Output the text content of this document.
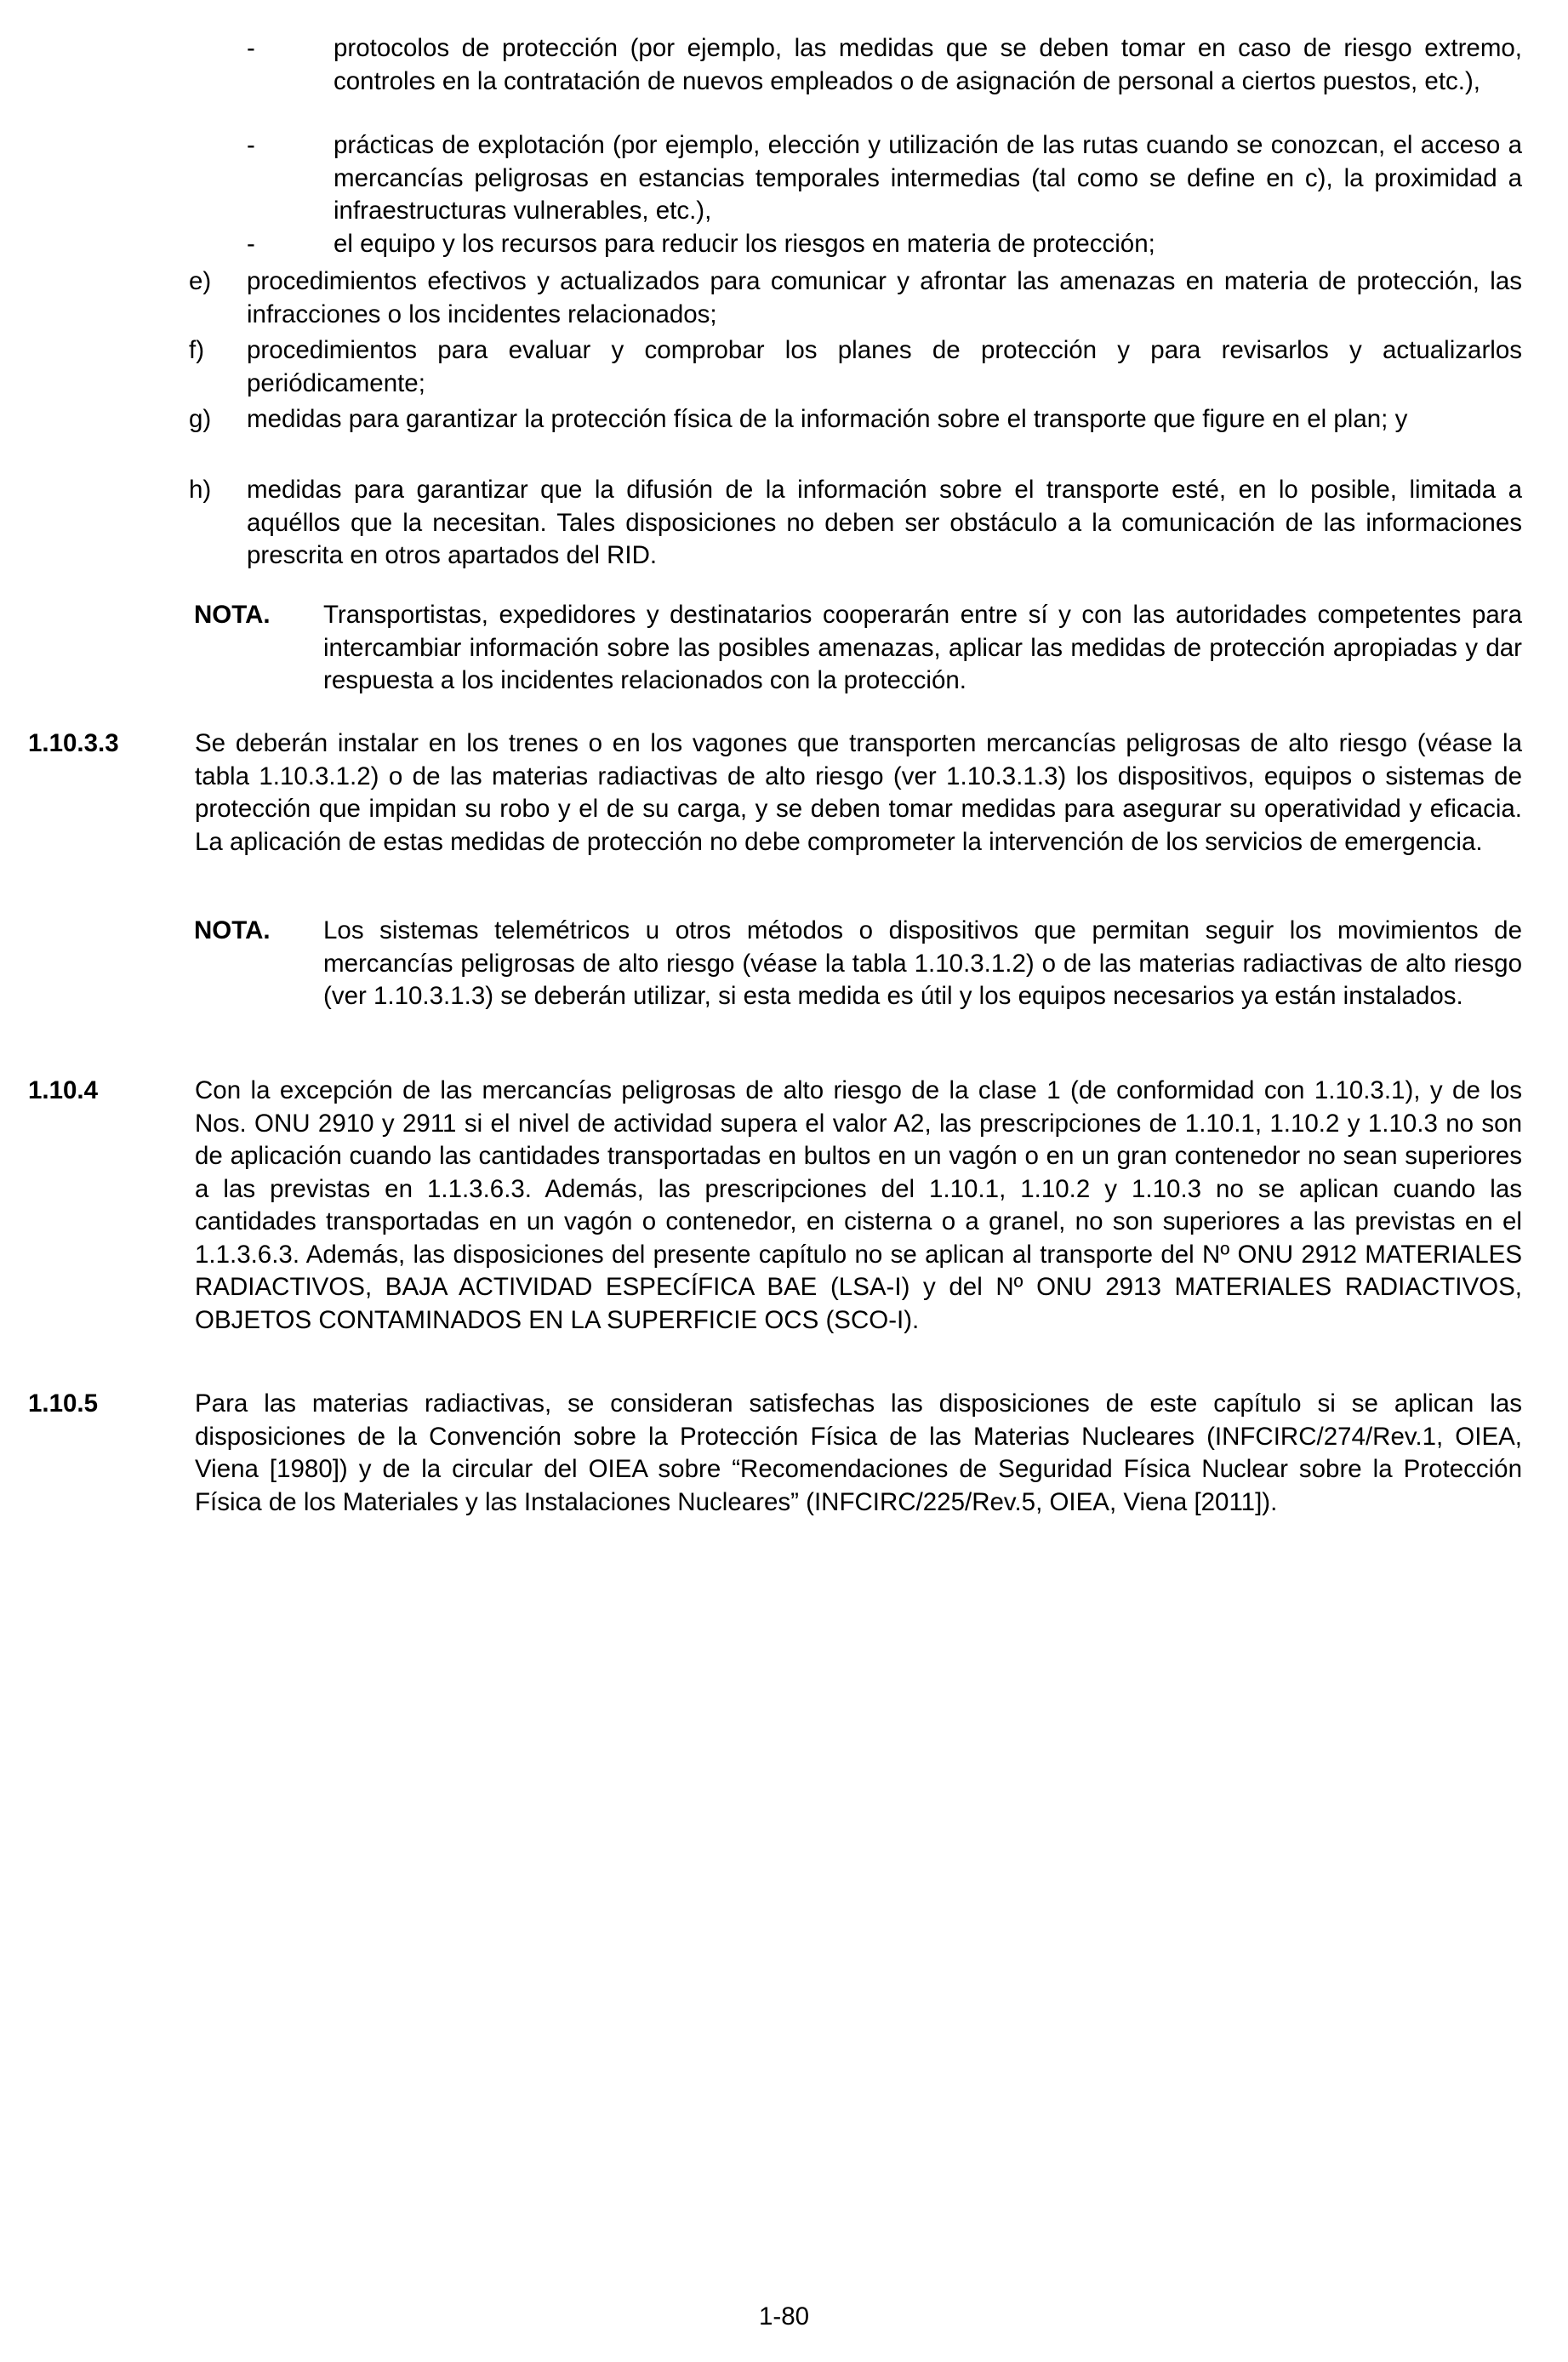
-	protocolos de protección (por ejemplo, las medidas que se deben tomar en caso de riesgo extremo, controles en la contratación de nuevos empleados o de asignación de personal a ciertos puestos, etc.),
-	prácticas de explotación (por ejemplo, elección y utilización de las rutas cuando se conozcan, el acceso a mercancías peligrosas en estancias temporales intermedias (tal como se define en c), la proximidad a infraestructuras vulnerables, etc.),
-	el equipo y los recursos para reducir los riesgos en materia de protección;
e) procedimientos efectivos y actualizados para comunicar y afrontar las amenazas en materia de protección, las infracciones o los incidentes relacionados;
f) procedimientos para evaluar y comprobar los planes de protección y para revisarlos y actualizarlos periódicamente;
g) medidas para garantizar la protección física de la información sobre el transporte que figure en el plan; y
h) medidas para garantizar que la difusión de la información sobre el transporte esté, en lo posible, limitada a aquéllos que la necesitan. Tales disposiciones no deben ser obstáculo a la comunicación de las informaciones prescrita en otros apartados del RID.
NOTA. Transportistas, expedidores y destinatarios cooperarán entre sí y con las autoridades competentes para intercambiar información sobre las posibles amenazas, aplicar las medidas de protección apropiadas y dar respuesta a los incidentes relacionados con la protección.
1.10.3.3	Se deberán instalar en los trenes o en los vagones que transporten mercancías peligrosas de alto riesgo (véase la tabla 1.10.3.1.2) o de las materias radiactivas de alto riesgo (ver 1.10.3.1.3) los dispositivos, equipos o sistemas de protección que impidan su robo y el de su carga, y se deben tomar medidas para asegurar su operatividad y eficacia. La aplicación de estas medidas de protección no debe comprometer la intervención de los servicios de emergencia.
NOTA. Los sistemas telemétricos u otros métodos o dispositivos que permitan seguir los movimientos de mercancías peligrosas de alto riesgo (véase la tabla 1.10.3.1.2) o de las materias radiactivas de alto riesgo (ver 1.10.3.1.3) se deberán utilizar, si esta medida es útil y los equipos necesarios ya están instalados.
1.10.4	Con la excepción de las mercancías peligrosas de alto riesgo de la clase 1 (de conformidad con 1.10.3.1), y de los Nos. ONU 2910 y 2911 si el nivel de actividad supera el valor A2, las prescripciones de 1.10.1, 1.10.2 y 1.10.3 no son de aplicación cuando las cantidades transportadas en bultos en un vagón o en un gran contenedor no sean superiores a las previstas en 1.1.3.6.3. Además, las prescripciones del 1.10.1, 1.10.2 y 1.10.3 no se aplican cuando las cantidades transportadas en un vagón o contenedor, en cisterna o a granel, no son superiores a las previstas en el 1.1.3.6.3. Además, las disposiciones del presente capítulo no se aplican al transporte del Nº ONU 2912 MATERIALES RADIACTIVOS, BAJA ACTIVIDAD ESPECÍFICA BAE (LSA-I) y del Nº ONU 2913 MATERIALES RADIACTIVOS, OBJETOS CONTAMINADOS EN LA SUPERFICIE OCS (SCO-I).
1.10.5	Para las materias radiactivas, se consideran satisfechas las disposiciones de este capítulo si se aplican las disposiciones de la Convención sobre la Protección Física de las Materias Nucleares (INFCIRC/274/Rev.1, OIEA, Viena [1980]) y de la circular del OIEA sobre “Recomendaciones de Seguridad Física Nuclear sobre la Protección Física de los Materiales y las Instalaciones Nucleares” (INFCIRC/225/Rev.5, OIEA, Viena [2011]).
1-80
